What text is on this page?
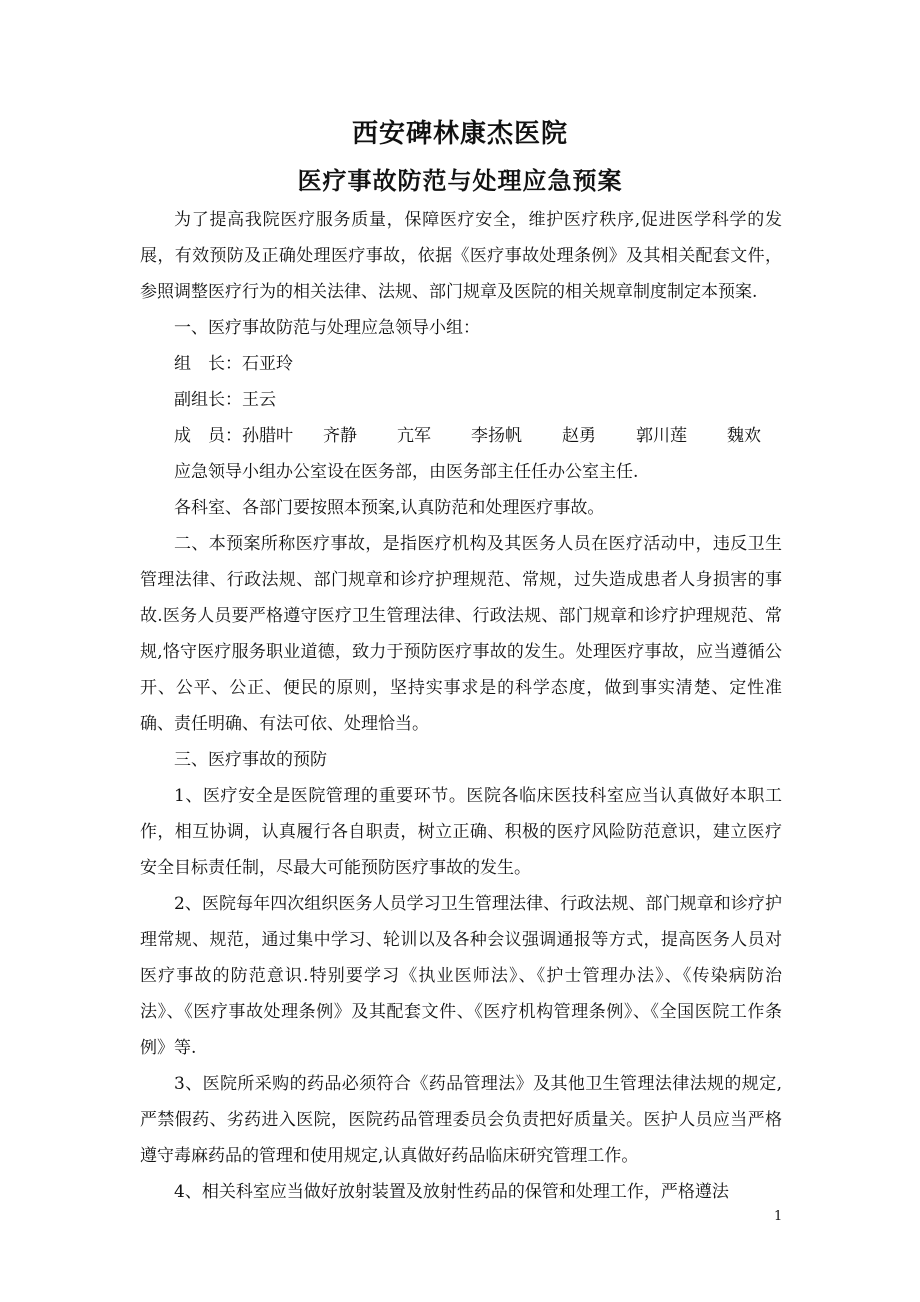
西安碑林康杰医院
医疗事故防范与处理应急预案

为了提高我院医疗服务质量，保障医疗安全，维护医疗秩序,促进医学科学的发展，有效预防及正确处理医疗事故，依据《医疗事故处理条例》及其相关配套文件，参照调整医疗行为的相关法律、法规、部门规章及医院的相关规章制度制定本预案.

一、医疗事故防范与处理应急领导小组：

组　长：石亚玲

副组长：王云

成　员： 孙腊叶 齐静 亢军 李扬帆 赵勇 郭川莲 魏欢

应急领导小组办公室设在医务部，由医务部主任任办公室主任.

各科室、各部门要按照本预案,认真防范和处理医疗事故。

二、本预案所称医疗事故，是指医疗机构及其医务人员在医疗活动中，违反卫生管理法律、行政法规、部门规章和诊疗护理规范、常规，过失造成患者人身损害的事故.医务人员要严格遵守医疗卫生管理法律、行政法规、部门规章和诊疗护理规范、常规,恪守医疗服务职业道德，致力于预防医疗事故的发生。处理医疗事故，应当遵循公开、公平、公正、便民的原则，坚持实事求是的科学态度，做到事实清楚、定性准确、责任明确、有法可依、处理恰当。

三、医疗事故的预防

1、医疗安全是医院管理的重要环节。医院各临床医技科室应当认真做好本职工作，相互协调，认真履行各自职责，树立正确、积极的医疗风险防范意识，建立医疗安全目标责任制，尽最大可能预防医疗事故的发生。

2、医院每年四次组织医务人员学习卫生管理法律、行政法规、部门规章和诊疗护理常规、规范，通过集中学习、轮训以及各种会议强调通报等方式，提高医务人员对医疗事故的防范意识.特别要学习《执业医师法》、《护士管理办法》、《传染病防治法》、《医疗事故处理条例》及其配套文件、《医疗机构管理条例》、《全国医院工作条例》等.

3、医院所采购的药品必须符合《药品管理法》及其他卫生管理法律法规的规定,严禁假药、劣药进入医院，医院药品管理委员会负责把好质量关。医护人员应当严格遵守毒麻药品的管理和使用规定,认真做好药品临床研究管理工作。

4、相关科室应当做好放射装置及放射性药品的保管和处理工作，严格遵法

1
